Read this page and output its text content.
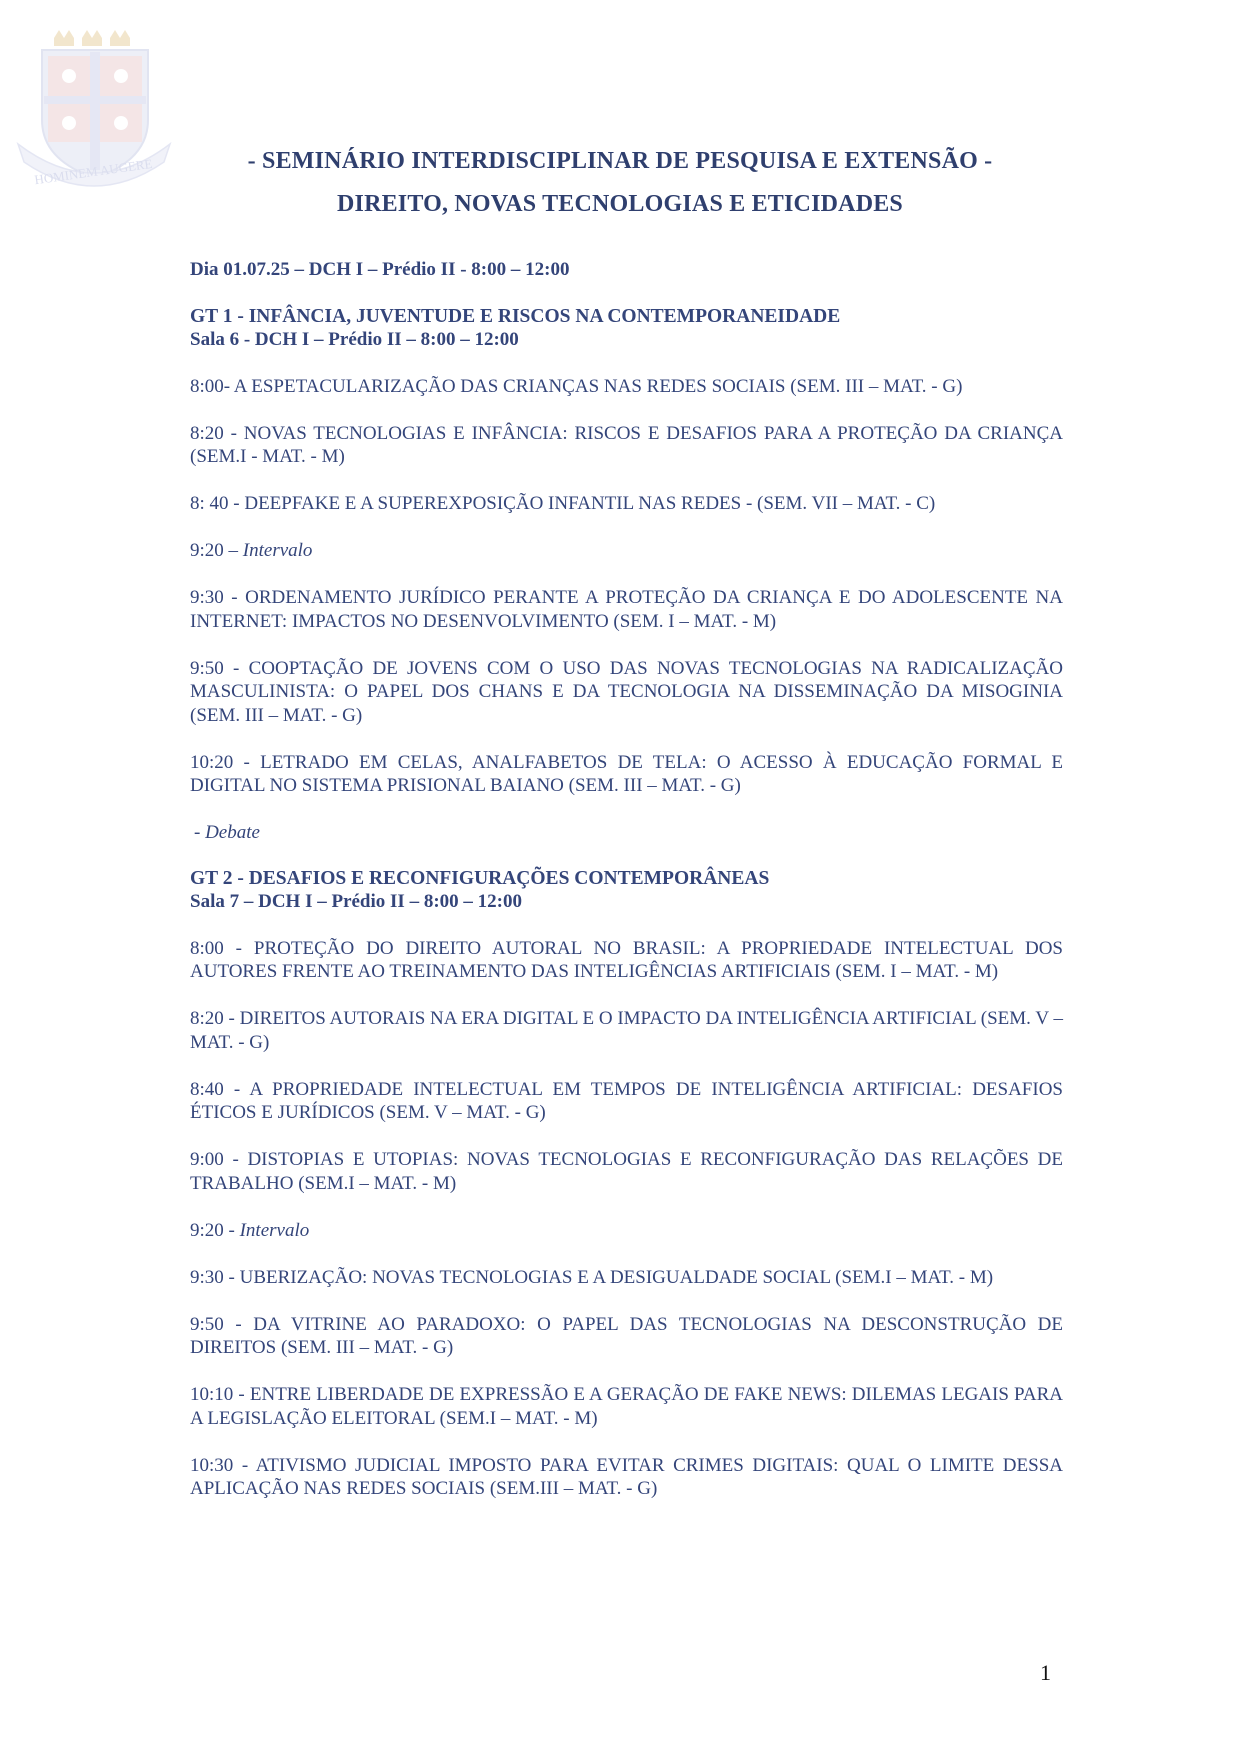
HOMINEM AUGERE	- SEMINÁRIO INTERDISCIPLINAR DE PESQUISA E EXTENSÃO -
DIREITO, NOVAS TECNOLOGIAS E ETICIDADES

Dia 01.07.25 – DCH I – Prédio II - 8:00 – 12:00

GT 1 - INFÂNCIA, JUVENTUDE E RISCOS NA CONTEMPORANEIDADE

Sala 6 - DCH I – Prédio II – 8:00 – 12:00

8:00- A ESPETACULARIZAÇÃO DAS CRIANÇAS NAS REDES SOCIAIS (SEM. III – MAT. - G)

8:20 - NOVAS TECNOLOGIAS E INFÂNCIA: RISCOS E DESAFIOS PARA A PROTEÇÃO DA CRIANÇA (SEM.I - MAT. - M)

8: 40 - DEEPFAKE E A SUPEREXPOSIÇÃO INFANTIL NAS REDES - (SEM. VII – MAT. - C)

9:20 – Intervalo

9:30 - ORDENAMENTO JURÍDICO PERANTE A PROTEÇÃO DA CRIANÇA E DO ADOLESCENTE NA INTERNET: IMPACTOS NO DESENVOLVIMENTO (SEM. I – MAT. - M)

9:50 - COOPTAÇÃO DE JOVENS COM O USO DAS NOVAS TECNOLOGIAS NA RADICALIZAÇÃO MASCULINISTA: O PAPEL DOS CHANS E DA TECNOLOGIA NA DISSEMINAÇÃO DA MISOGINIA (SEM. III – MAT. - G)

10:20 - LETRADO EM CELAS, ANALFABETOS DE TELA: O ACESSO À EDUCAÇÃO FORMAL E DIGITAL NO SISTEMA PRISIONAL BAIANO (SEM. III – MAT. - G)

- Debate

GT 2 - DESAFIOS E RECONFIGURAÇÕES CONTEMPORÂNEAS

Sala 7 – DCH I – Prédio II – 8:00 – 12:00

8:00 - PROTEÇÃO DO DIREITO AUTORAL NO BRASIL: A PROPRIEDADE INTELECTUAL DOS AUTORES FRENTE AO TREINAMENTO DAS INTELIGÊNCIAS ARTIFICIAIS (SEM. I – MAT. - M)

8:20 - DIREITOS AUTORAIS NA ERA DIGITAL E O IMPACTO DA INTELIGÊNCIA ARTIFICIAL (SEM. V – MAT. - G)

8:40 - A PROPRIEDADE INTELECTUAL EM TEMPOS DE INTELIGÊNCIA ARTIFICIAL: DESAFIOS ÉTICOS E JURÍDICOS (SEM. V – MAT. - G)

9:00 - DISTOPIAS E UTOPIAS: NOVAS TECNOLOGIAS E RECONFIGURAÇÃO DAS RELAÇÕES DE TRABALHO (SEM.I – MAT. - M)

9:20 - Intervalo

9:30 - UBERIZAÇÃO: NOVAS TECNOLOGIAS E A DESIGUALDADE SOCIAL (SEM.I – MAT. - M)

9:50 - DA VITRINE AO PARADOXO: O PAPEL DAS TECNOLOGIAS NA DESCONSTRUÇÃO DE DIREITOS (SEM. III – MAT. - G)

10:10 - ENTRE LIBERDADE DE EXPRESSÃO E A GERAÇÃO DE FAKE NEWS: DILEMAS LEGAIS PARA A LEGISLAÇÃO ELEITORAL (SEM.I – MAT. - M)

10:30 - ATIVISMO JUDICIAL IMPOSTO PARA EVITAR CRIMES DIGITAIS: QUAL O LIMITE DESSA APLICAÇÃO NAS REDES SOCIAIS (SEM.III – MAT. - G)

1
